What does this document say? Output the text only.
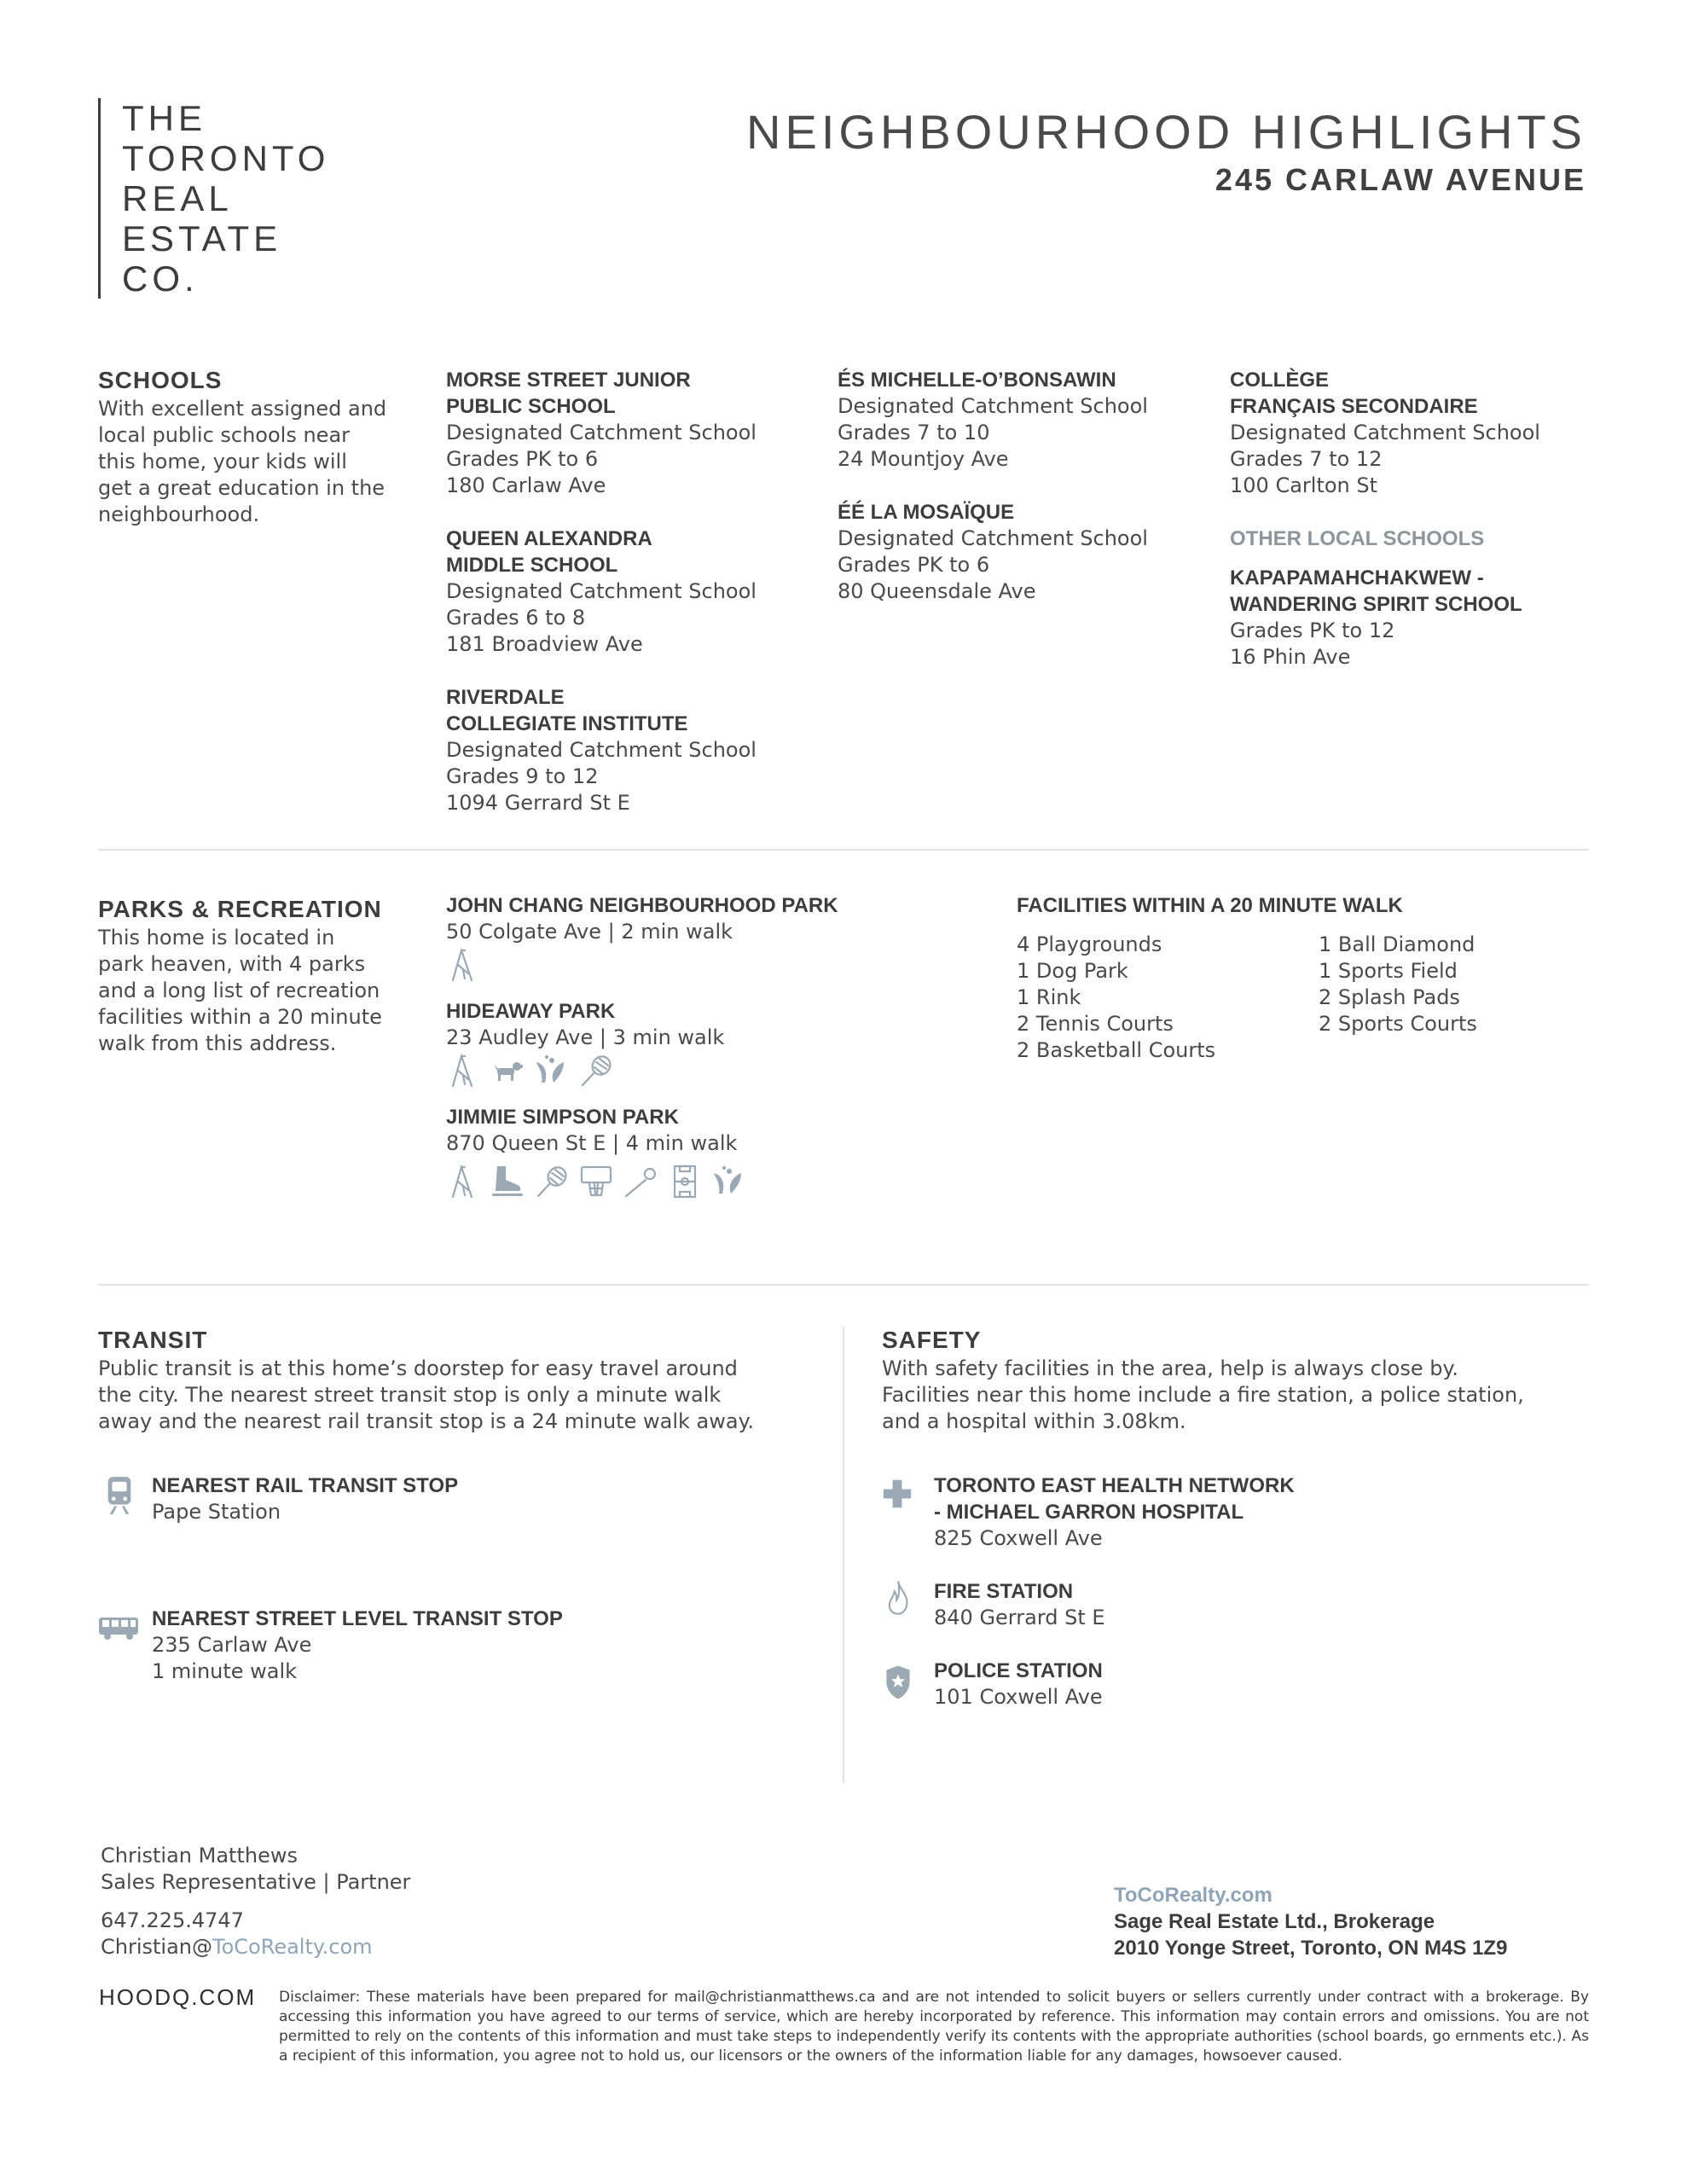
THE
TORONTO
REAL
ESTATE
CO.
NEIGHBOURHOOD HIGHLIGHTS
245 CARLAW AVENUE
SCHOOLS
With excellent assigned and
local public schools near
this home, your kids will
get a great education in the
neighbourhood.
MORSE STREET JUNIOR
PUBLIC SCHOOL
Designated Catchment School
Grades PK to 6
180 Carlaw Ave
QUEEN ALEXANDRA
MIDDLE SCHOOL
Designated Catchment School
Grades 6 to 8
181 Broadview Ave
RIVERDALE
COLLEGIATE INSTITUTE
Designated Catchment School
Grades 9 to 12
1094 Gerrard St E
ÉS MICHELLE-O’BONSAWIN
Designated Catchment School
Grades 7 to 10
24 Mountjoy Ave
ÉÉ LA MOSAÏQUE
Designated Catchment School
Grades PK to 6
80 Queensdale Ave
COLLÈGE
FRANÇAIS SECONDAIRE
Designated Catchment School
Grades 7 to 12
100 Carlton St
OTHER LOCAL SCHOOLS
KAPAPAMAHCHAKWEW -
WANDERING SPIRIT SCHOOL
Grades PK to 12
16 Phin Ave
PARKS & RECREATION
This home is located in
park heaven, with 4 parks
and a long list of recreation
facilities within a 20 minute
walk from this address.
JOHN CHANG NEIGHBOURHOOD PARK
50 Colgate Ave | 2 min walk
HIDEAWAY PARK
23 Audley Ave | 3 min walk
JIMMIE SIMPSON PARK
870 Queen St E | 4 min walk
FACILITIES WITHIN A 20 MINUTE WALK
4 Playgrounds
1 Dog Park
1 Rink
2 Tennis Courts
2 Basketball Courts
1 Ball Diamond
1 Sports Field
2 Splash Pads
2 Sports Courts
TRANSIT
Public transit is at this home’s doorstep for easy travel around
the city. The nearest street transit stop is only a minute walk
away and the nearest rail transit stop is a 24 minute walk away.
NEAREST RAIL TRANSIT STOP
Pape Station
NEAREST STREET LEVEL TRANSIT STOP
235 Carlaw Ave
1 minute walk
SAFETY
With safety facilities in the area, help is always close by.
Facilities near this home include a fire station, a police station,
and a hospital within 3.08km.
TORONTO EAST HEALTH NETWORK
- MICHAEL GARRON HOSPITAL
825 Coxwell Ave
FIRE STATION
840 Gerrard St E
POLICE STATION
101 Coxwell Ave
Christian Matthews
Sales Representative | Partner
647.225.4747
Christian@ToCoRealty.com
ToCoRealty.com
Sage Real Estate Ltd., Brokerage
2010 Yonge Street, Toronto, ON M4S 1Z9
HOODQ.COM Disclaimer: These materials have been prepared for mail@christianmatthews.ca and are not intended to solicit buyers or sellers currently under contract with a brokerage. By accessing this information you have agreed to our terms of service, which are hereby incorporated by reference. This information may contain errors and omissions. You are not permitted to rely on the contents of this information and must take steps to independently verify its contents with the appropriate authorities (school boards, go ernments etc.). As a recipient of this information, you agree not to hold us, our licensors or the owners of the information liable for any damages, howsoever caused.
